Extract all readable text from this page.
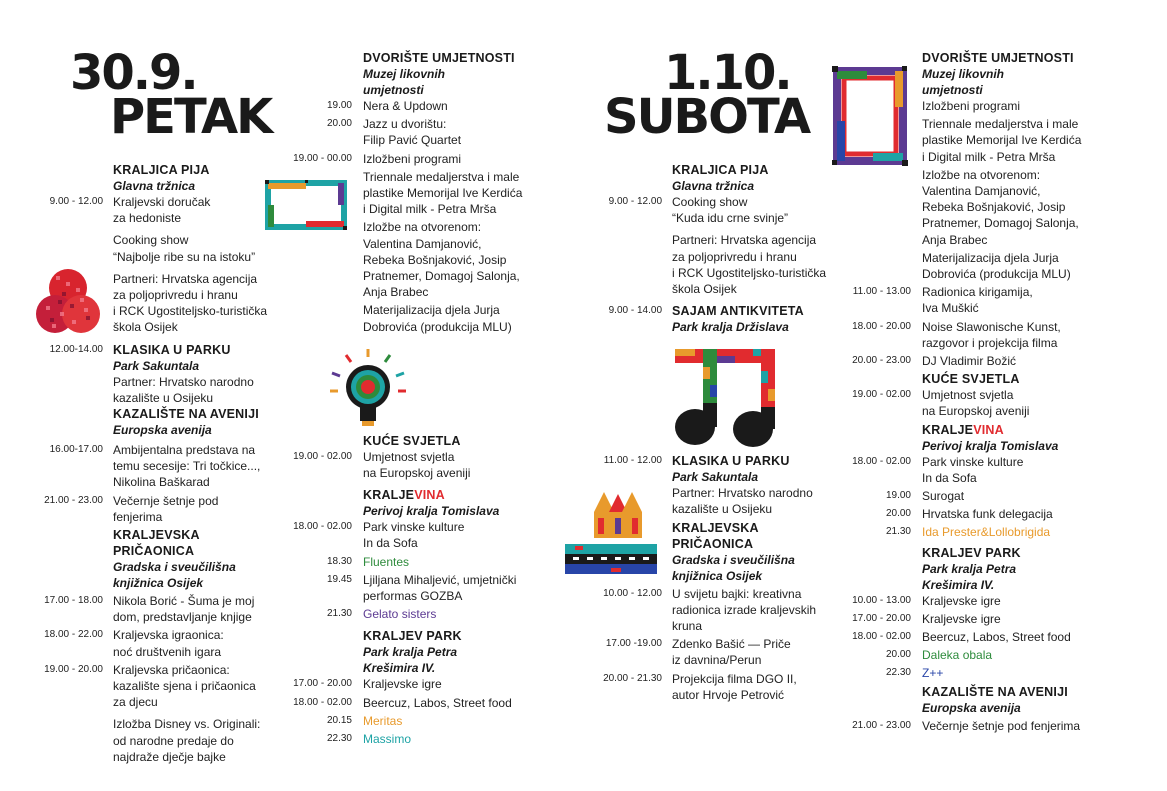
30.9.
PETAK
1.10.
SUBOTA
KRALJICA PIJA
Glavna tržnica
9.00 - 12.00 Kraljevski doručak
za hedoniste
Cooking show
“Najbolje ribe su na istoku”
Partneri: Hrvatska agencija
za poljoprivredu i hranu
i RCK Ugostiteljsko-turistička
škola Osijek
12.00-14.00 KLASIKA U PARKU
Park Sakuntala
Partner: Hrvatsko narodno
kazalište u Osijeku
KAZALIŠTE NA AVENIJI
Europska avenija
16.00-17.00 Ambijentalna predstava na
temu secesije: Tri točkice...,
Nikolina Baškarad
21.00 - 23.00 Večernje šetnje pod fenjerima
KRALJEVSKA
PRIČAONICA
Gradska i sveučilišna
knjižnica Osijek
17.00 - 18.00 Nikola Borić - Šuma je moj
dom, predstavljanje knjige
18.00 - 22.00 Kraljevska igraonica:
noć društvenih igara
19.00 - 20.00 Kraljevska pričaonica:
kazalište sjena i pričaonica
za djecu
Izložba Disney vs. Originali:
od narodne predaje do
najdraže dječje bajke
DVORIŠTE UMJETNOSTI
Muzej likovnih
umjetnosti
19.00 Nera & Updown
20.00 Jazz u dvorištu:
Filip Pavić Quartet
19.00 - 00.00 Izložbeni programi
Triennale medaljerstva i male
plastike Memorijal Ive Kerdića
i Digital milk - Petra Mrša
Izložbe na otvorenom:
Valentina Damjanović,
Rebeka Bošnjaković, Josip
Pratnemer, Domagoj Salonja,
Anja Brabec
Materijalizacija djela Jurja
Dobrovića (produkcija MLU)
KUĆE SVJETLA
19.00 - 02.00 Umjetnost svjetla
na Europskoj aveniji
KRALJEVINA
Perivoj kralja Tomislava
18.00 - 02.00 Park vinske kulture
In da Sofa
18.30 Fluentes
19.45 Ljiljana Mihaljević, umjetnički
performas GOZBA
21.30 Gelato sisters
KRALJEV PARK
Park kralja Petra
Krešimira IV.
17.00 - 20.00 Kraljevske igre
18.00 - 02.00 Beercuz, Labos, Street food
20.15 Meritas
22.30 Massimo
KRALJICA PIJA
Glavna tržnica
9.00 - 12.00 Cooking show
“Kuda idu crne svinje”
Partneri: Hrvatska agencija
za poljoprivredu i hranu
i RCK Ugostiteljsko-turistička
škola Osijek
9.00 - 14.00 SAJAM ANTIKVITETA
Park kralja Držislava
11.00 - 12.00 KLASIKA U PARKU
Park Sakuntala
Partner: Hrvatsko narodno
kazalište u Osijeku
KRALJEVSKA
PRIČAONICA
Gradska i sveučilišna
knjižnica Osijek
10.00 - 12.00 U svijetu bajki: kreativna
radionica izrade kraljevskih
kruna
17.00 -19.00 Zdenko Bašić — Priče
iz davnina/Perun
20.00 - 21.30 Projekcija filma DGO II,
autor Hrvoje Petrović
DVORIŠTE UMJETNOSTI
Muzej likovnih
umjetnosti
Izložbeni programi
Triennale medaljerstva i male
plastike Memorijal Ive Kerdića
i Digital milk - Petra Mrša
Izložbe na otvorenom:
Valentina Damjanović,
Rebeka Bošnjaković, Josip
Pratnemer, Domagoj Salonja,
Anja Brabec
Materijalizacija djela Jurja
Dobrovića (produkcija MLU)
11.00 - 13.00 Radionica kirigamija,
Iva Muškić
18.00 - 20.00 Noise Slawonische Kunst,
razgovor i projekcija filma
20.00 - 23.00 DJ Vladimir Božić
KUĆE SVJETLA
19.00 - 02.00 Umjetnost svjetla
na Europskoj aveniji
KRALJEVINA
Perivoj kralja Tomislava
18.00 - 02.00 Park vinske kulture
In da Sofa
19.00 Surogat
20.00 Hrvatska funk delegacija
21.30 Ida Prester&Lollobrigida
KRALJEV PARK
Park kralja Petra
Krešimira IV.
10.00 - 13.00 Kraljevske igre
17.00 - 20.00 Kraljevske igre
18.00 - 02.00 Beercuz, Labos, Street food
20.00 Daleka obala
22.30 Z++
KAZALIŠTE NA AVENIJI
Europska avenija
21.00 - 23.00 Večernje šetnje pod fenjerima
